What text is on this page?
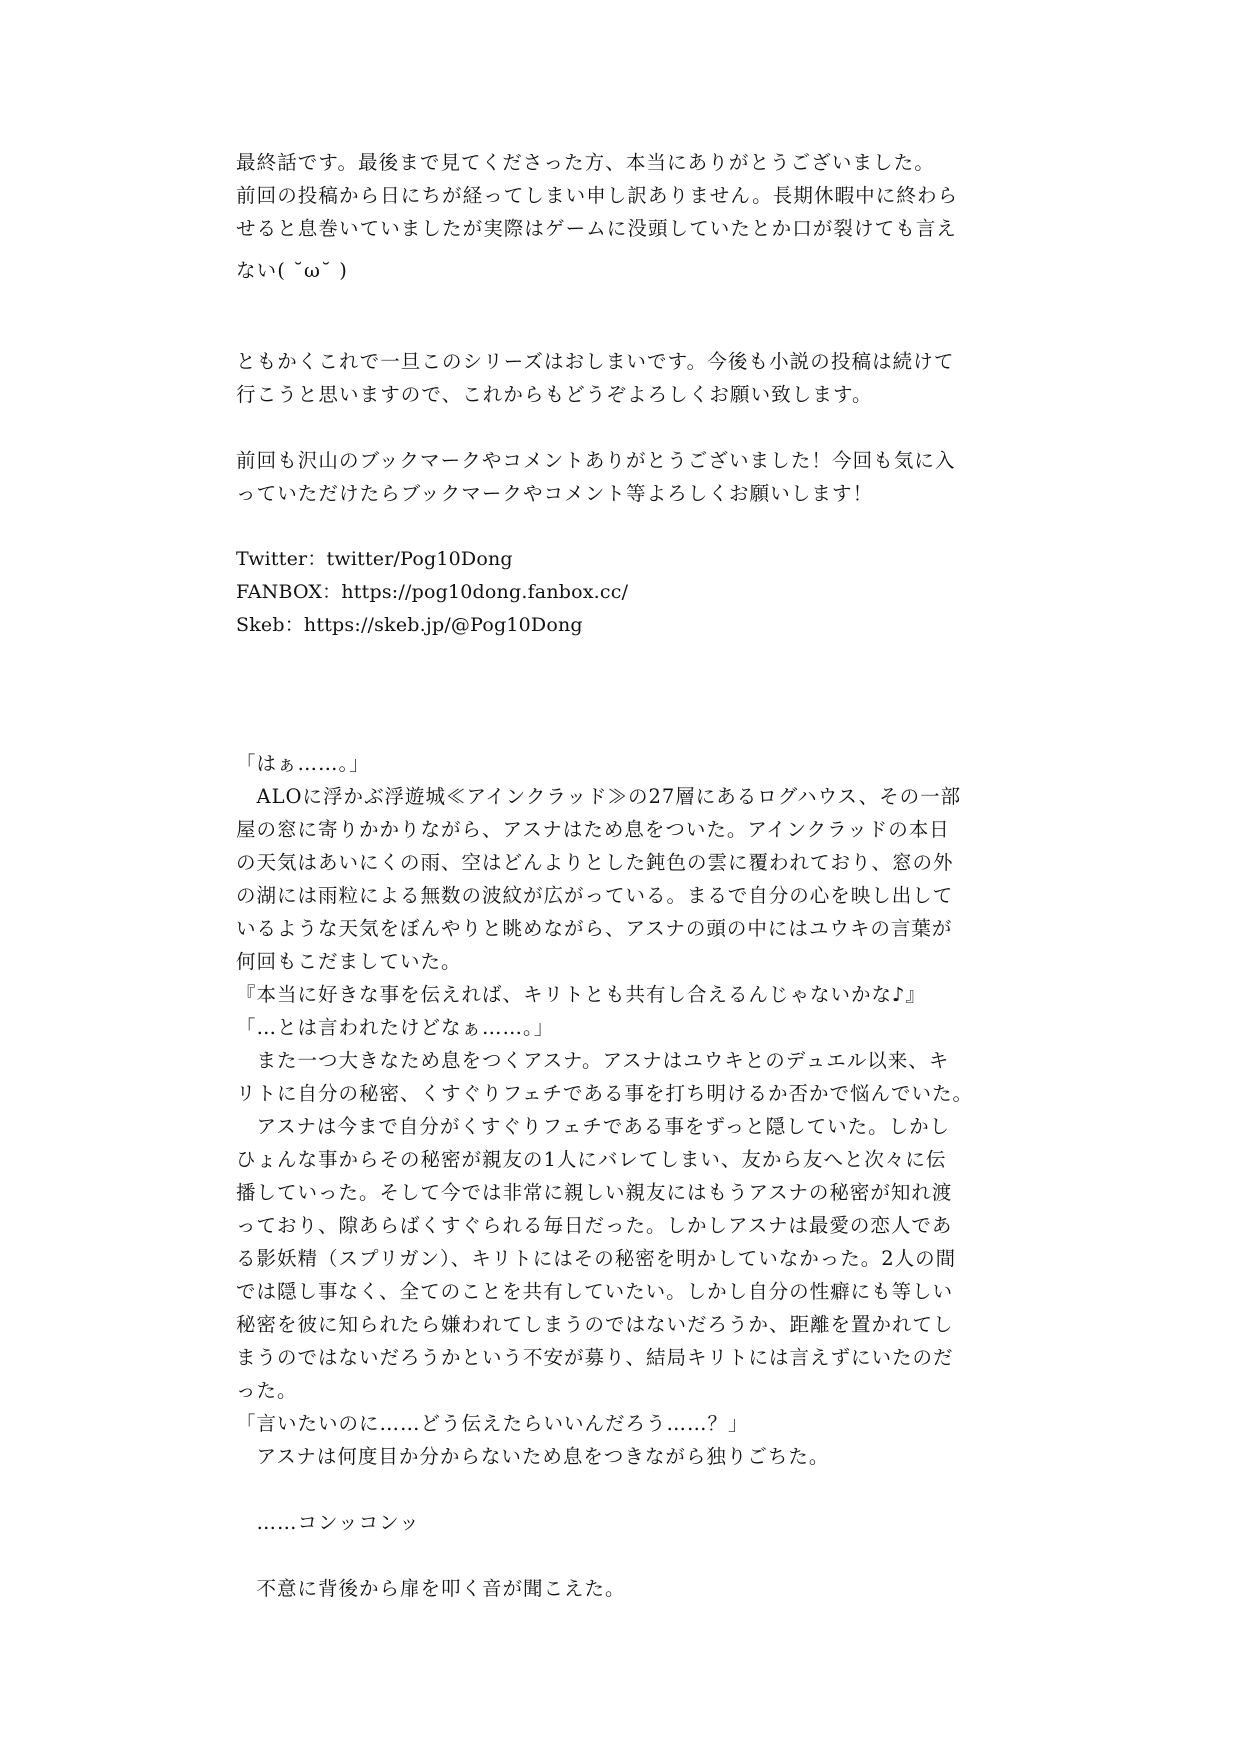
最終話です。最後まで見てくださった方、本当にありがとうございました。
前回の投稿から日にちが経ってしまい申し訳ありません。長期休暇中に終わら
せると息巻いていましたが実際はゲームに没頭していたとか口が裂けても言え
ない( ˘ω˘ )
ともかくこれで一旦このシリーズはおしまいです。今後も小説の投稿は続けて
行こうと思いますので、これからもどうぞよろしくお願い致します。
前回も沢山のブックマークやコメントありがとうございました！今回も気に入
っていただけたらブックマークやコメント等よろしくお願いします！
Twitter：twitter/Pog10Dong
FANBOX：https://pog10dong.fanbox.cc/
Skeb：https://skeb.jp/@Pog10Dong
「はぁ……。」
　ALOに浮かぶ浮遊城≪アインクラッド≫の27層にあるログハウス、その一部
屋の窓に寄りかかりながら、アスナはため息をついた。アインクラッドの本日
の天気はあいにくの雨、空はどんよりとした鈍色の雲に覆われており、窓の外
の湖には雨粒による無数の波紋が広がっている。まるで自分の心を映し出して
いるような天気をぼんやりと眺めながら、アスナの頭の中にはユウキの言葉が
何回もこだましていた。
『本当に好きな事を伝えれば、キリトとも共有し合えるんじゃないかな♪』
「…とは言われたけどなぁ……。」
　また一つ大きなため息をつくアスナ。アスナはユウキとのデュエル以来、キ
リトに自分の秘密、くすぐりフェチである事を打ち明けるか否かで悩んでいた。
　アスナは今まで自分がくすぐりフェチである事をずっと隠していた。しかし
ひょんな事からその秘密が親友の1人にバレてしまい、友から友へと次々に伝
播していった。そして今では非常に親しい親友にはもうアスナの秘密が知れ渡
っており、隙あらばくすぐられる毎日だった。しかしアスナは最愛の恋人であ
る影妖精（スプリガン）、キリトにはその秘密を明かしていなかった。2人の間
では隠し事なく、全てのことを共有していたい。しかし自分の性癖にも等しい
秘密を彼に知られたら嫌われてしまうのではないだろうか、距離を置かれてし
まうのではないだろうかという不安が募り、結局キリトには言えずにいたのだ
った。
「言いたいのに……どう伝えたらいいんだろう……？」
　アスナは何度目か分からないため息をつきながら独りごちた。
　……コンッコンッ
　不意に背後から扉を叩く音が聞こえた。
